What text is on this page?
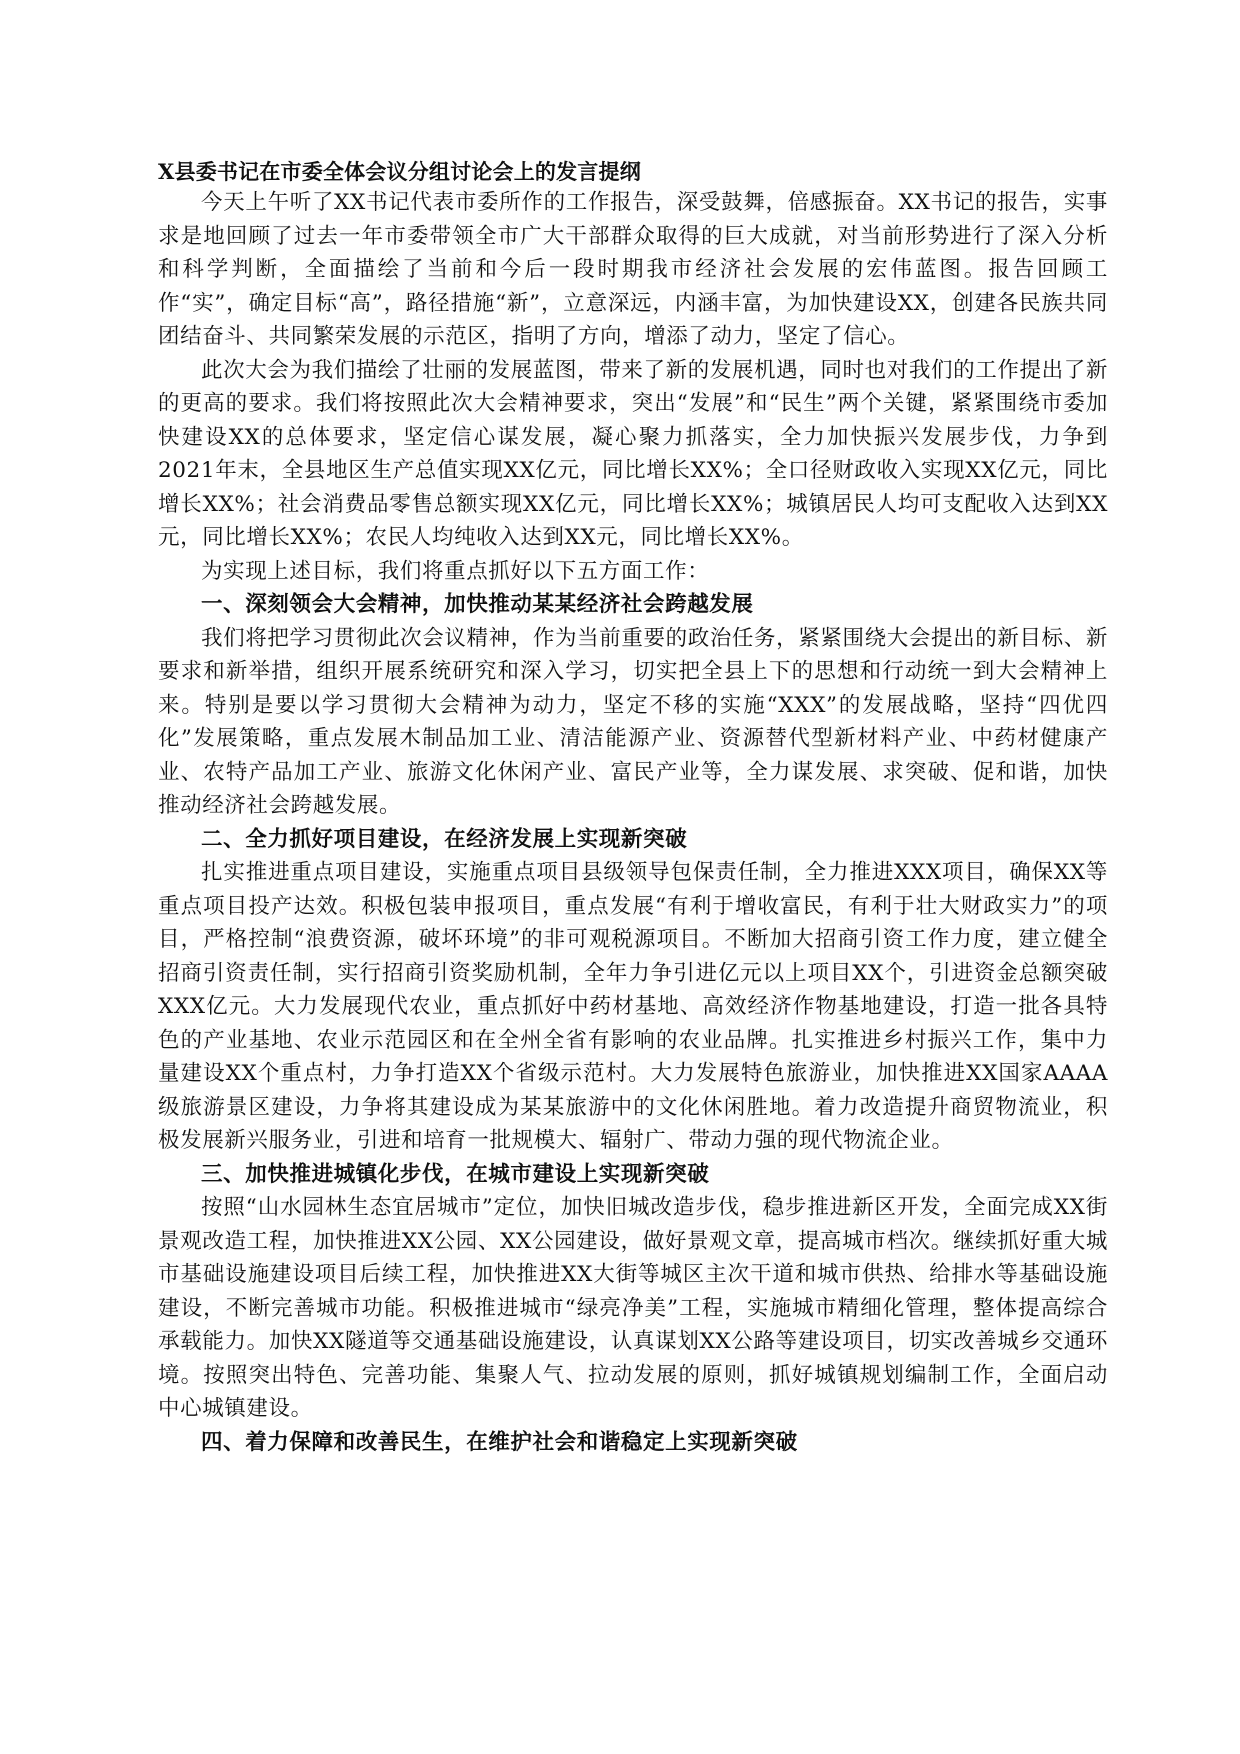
X县委书记在市委全体会议分组讨论会上的发言提纲

今天上午听了XX书记代表市委所作的工作报告，深受鼓舞，倍感振奋。XX书记的报告，实事求是地回顾了过去一年市委带领全市广大干部群众取得的巨大成就，对当前形势进行了深入分析和科学判断，全面描绘了当前和今后一段时期我市经济社会发展的宏伟蓝图。报告回顾工作“实”，确定目标“高”，路径措施“新”，立意深远，内涵丰富，为加快建设XX，创建各民族共同团结奋斗、共同繁荣发展的示范区，指明了方向，增添了动力，坚定了信心。

此次大会为我们描绘了壮丽的发展蓝图，带来了新的发展机遇，同时也对我们的工作提出了新的更高的要求。我们将按照此次大会精神要求，突出“发展”和“民生”两个关键，紧紧围绕市委加快建设XX的总体要求，坚定信心谋发展，凝心聚力抓落实，全力加快振兴发展步伐，力争到2021年末，全县地区生产总值实现XX亿元，同比增长XX%；全口径财政收入实现XX亿元，同比增长XX%；社会消费品零售总额实现XX亿元，同比增长XX%；城镇居民人均可支配收入达到XX元，同比增长XX%；农民人均纯收入达到XX元，同比增长XX%。

为实现上述目标，我们将重点抓好以下五方面工作：

一、深刻领会大会精神，加快推动某某经济社会跨越发展

我们将把学习贯彻此次会议精神，作为当前重要的政治任务，紧紧围绕大会提出的新目标、新要求和新举措，组织开展系统研究和深入学习，切实把全县上下的思想和行动统一到大会精神上来。特别是要以学习贯彻大会精神为动力，坚定不移的实施“XXX”的发展战略，坚持“四优四化”发展策略，重点发展木制品加工业、清洁能源产业、资源替代型新材料产业、中药材健康产业、农特产品加工产业、旅游文化休闲产业、富民产业等，全力谋发展、求突破、促和谐，加快推动经济社会跨越发展。

二、全力抓好项目建设，在经济发展上实现新突破

扎实推进重点项目建设，实施重点项目县级领导包保责任制，全力推进XXX项目，确保XX等重点项目投产达效。积极包装申报项目，重点发展“有利于增收富民，有利于壮大财政实力”的项目，严格控制“浪费资源，破坏环境”的非可观税源项目。不断加大招商引资工作力度，建立健全招商引资责任制，实行招商引资奖励机制，全年力争引进亿元以上项目XX个，引进资金总额突破XXX亿元。大力发展现代农业，重点抓好中药材基地、高效经济作物基地建设，打造一批各具特色的产业基地、农业示范园区和在全州全省有影响的农业品牌。扎实推进乡村振兴工作，集中力量建设XX个重点村，力争打造XX个省级示范村。大力发展特色旅游业，加快推进XX国家AAAA级旅游景区建设，力争将其建设成为某某旅游中的文化休闲胜地。着力改造提升商贸物流业，积极发展新兴服务业，引进和培育一批规模大、辐射广、带动力强的现代物流企业。

三、加快推进城镇化步伐，在城市建设上实现新突破

按照“山水园林生态宜居城市”定位，加快旧城改造步伐，稳步推进新区开发，全面完成XX街景观改造工程，加快推进XX公园、XX公园建设，做好景观文章，提高城市档次。继续抓好重大城市基础设施建设项目后续工程，加快推进XX大街等城区主次干道和城市供热、给排水等基础设施建设，不断完善城市功能。积极推进城市“绿亮净美”工程，实施城市精细化管理，整体提高综合承载能力。加快XX隧道等交通基础设施建设，认真谋划XX公路等建设项目，切实改善城乡交通环境。按照突出特色、完善功能、集聚人气、拉动发展的原则，抓好城镇规划编制工作，全面启动中心城镇建设。

四、着力保障和改善民生，在维护社会和谐稳定上实现新突破
